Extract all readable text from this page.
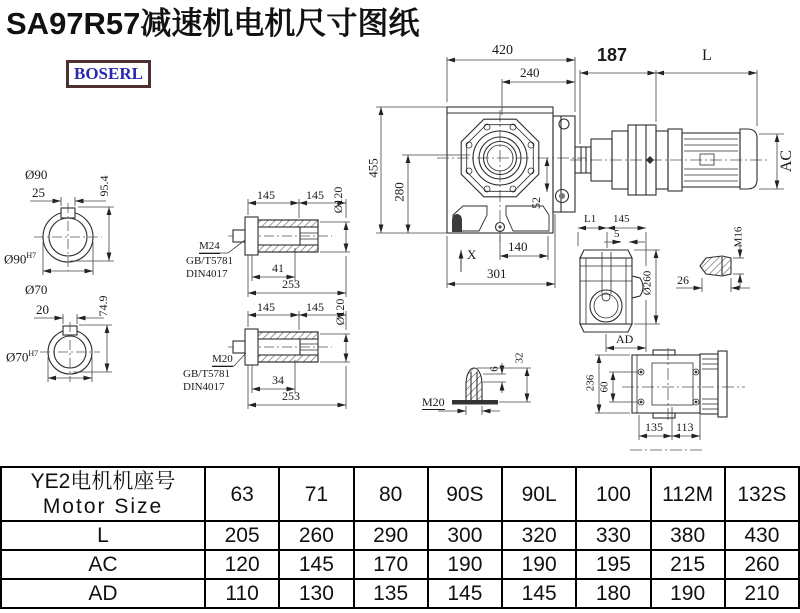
SA97R57减速机电机尺寸图纸
BOSERL
Ø90
25	95.4
$Ø90^{H7}$
Ø70
20	74.9
$Ø70^{H7}$
145	145 Ø120
M24
GB/T5781
DIN4017	41
253
145	145 Ø120
M20
GB/T5781
DIN4017	34
253
420
240
187	L
455
280
52
140
301
X
AC
L1 145
5
Ø260
AD
M16
26
M20
6
32
236 60
135 113
YE2电机机座号
Motor Size	63	71	80	90S	90L	100	112M	132S
L	205	260	290	300	320	330	380	430
AC	120	145	170	190	190	195	215	260
AD	110	130	135	145	145	180	190	210
